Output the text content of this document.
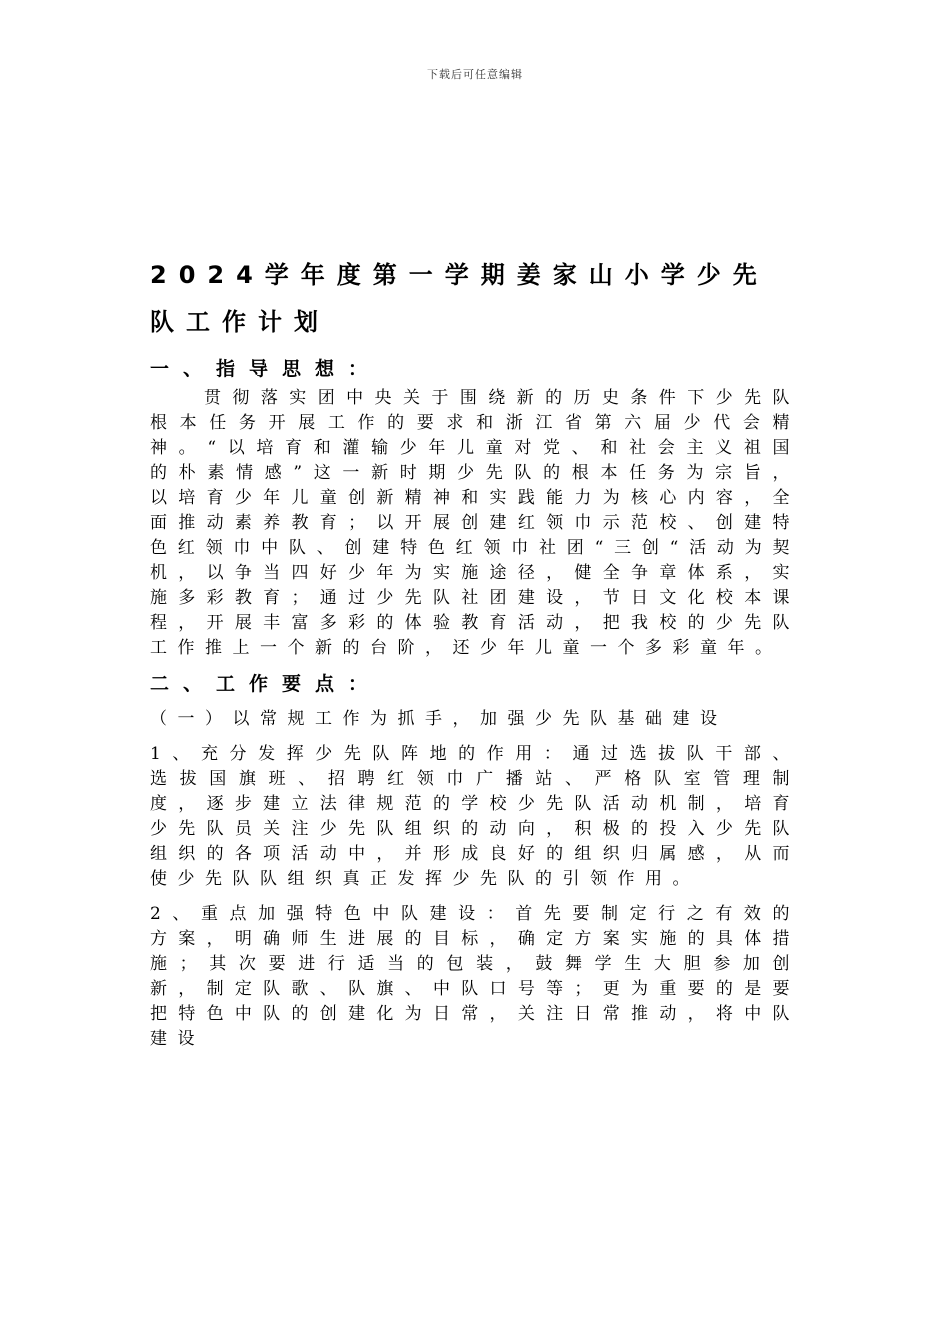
下载后可任意编辑
2024学年度第一学期姜家山小学少先队工作计划
一、指导思想：

贯彻落实团中央关于围绕新的历史条件下少先队根本任务开展工作的要求和浙江省第六届少代会精神。“以培育和灌输少年儿童对党、和社会主义祖国的朴素情感”这一新时期少先队的根本任务为宗旨，以培育少年儿童创新精神和实践能力为核心内容，全面推动素养教育；以开展创建红领巾示范校、创建特色红领巾中队、创建特色红领巾社团“三创“活动为契机，以争当四好少年为实施途径，健全争章体系，实施多彩教育；通过少先队社团建设，节日文化校本课程，开展丰富多彩的体验教育活动，把我校的少先队工作推上一个新的台阶，还少年儿童一个多彩童年。

二、工作要点：

（一）以常规工作为抓手，加强少先队基础建设

1、充分发挥少先队阵地的作用：通过选拔队干部、选拔国旗班、招聘红领巾广播站、严格队室管理制度，逐步建立法律规范的学校少先队活动机制，培育少先队员关注少先队组织的动向，积极的投入少先队组织的各项活动中，并形成良好的组织归属感，从而使少先队队组织真正发挥少先队的引领作用。

2、重点加强特色中队建设：首先要制定行之有效的方案，明确师生进展的目标，确定方案实施的具体措施；其次要进行适当的包装，鼓舞学生大胆参加创新，制定队歌、队旗、中队口号等；更为重要的是要把特色中队的创建化为日常，关注日常推动，将中队建设
